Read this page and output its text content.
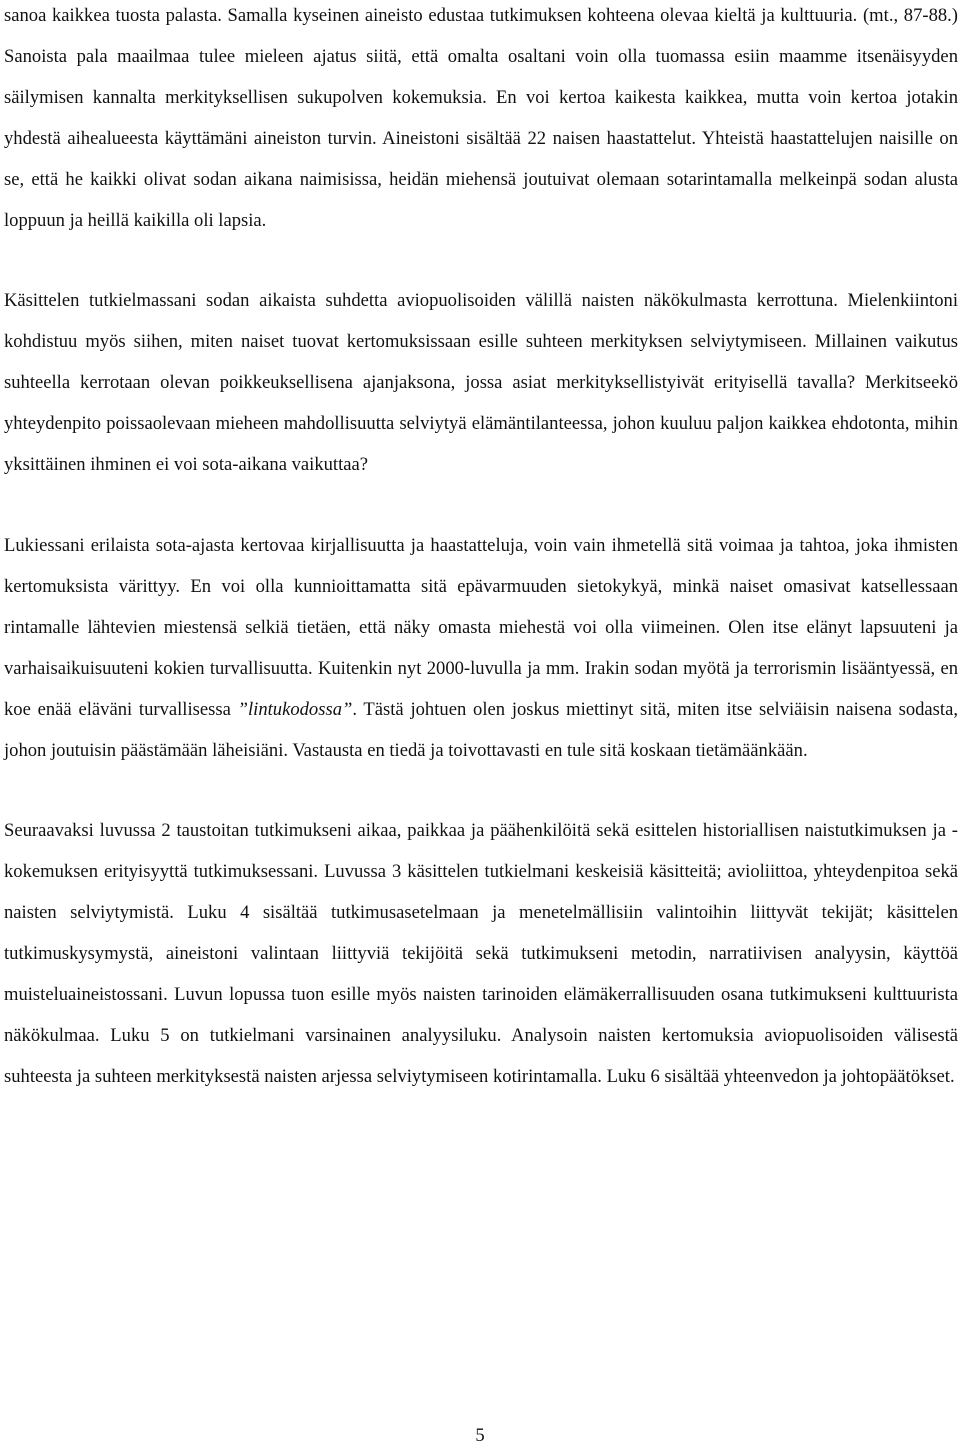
sanoa kaikkea tuosta palasta. Samalla kyseinen aineisto edustaa tutkimuksen kohteena olevaa kieltä ja kulttuuria. (mt., 87-88.) Sanoista pala maailmaa tulee mieleen ajatus siitä, että omalta osaltani voin olla tuomassa esiin maamme itsenäisyyden säilymisen kannalta merkityksellisen sukupolven kokemuksia. En voi kertoa kaikesta kaikkea, mutta voin kertoa jotakin yhdestä aihealueesta käyttämäni aineiston turvin. Aineistoni sisältää 22 naisen haastattelut. Yhteistä haastattelujen naisille on se, että he kaikki olivat sodan aikana naimisissa, heidän miehensä joutuivat olemaan sotarintamalla melkeinpä sodan alusta loppuun ja heillä kaikilla oli lapsia.

Käsittelen tutkielmassani sodan aikaista suhdetta aviopuolisoiden välillä naisten näkökulmasta kerrottuna. Mielenkiintoni kohdistuu myös siihen, miten naiset tuovat kertomuksissaan esille suhteen merkityksen selviytymiseen. Millainen vaikutus suhteella kerrotaan olevan poikkeuksellisena ajanjaksona, jossa asiat merkityksellistyivät erityisellä tavalla? Merkitseekö yhteydenpito poissaolevaan mieheen mahdollisuutta selviytyä elämäntilanteessa, johon kuuluu paljon kaikkea ehdotonta, mihin yksittäinen ihminen ei voi sota-aikana vaikuttaa?

Lukiessani erilaista sota-ajasta kertovaa kirjallisuutta ja haastatteluja, voin vain ihmetellä sitä voimaa ja tahtoa, joka ihmisten kertomuksista värittyy. En voi olla kunnioittamatta sitä epävarmuuden sietokykyä, minkä naiset omasivat katsellessaan rintamalle lähtevien miestensä selkiä tietäen, että näky omasta miehestä voi olla viimeinen. Olen itse elänyt lapsuuteni ja varhaisaikuisuuteni kokien turvallisuutta. Kuitenkin nyt 2000-luvulla ja mm. Irakin sodan myötä ja terrorismin lisääntyessä, en koe enää eläväni turvallisessa ”lintukodossa”. Tästä johtuen olen joskus miettinyt sitä, miten itse selviäisin naisena sodasta, johon joutuisin päästämään läheisiäni. Vastausta en tiedä ja toivottavasti en tule sitä koskaan tietämäänkään.

Seuraavaksi luvussa 2 taustoitan tutkimukseni aikaa, paikkaa ja päähenkilöitä sekä esittelen historiallisen naistutkimuksen ja -kokemuksen erityisyyttä tutkimuksessani. Luvussa 3 käsittelen tutkielmani keskeisiä käsitteitä; avioliittoa, yhteydenpitoa sekä naisten selviytymistä. Luku 4 sisältää tutkimusasetelmaan ja menetelmällisiin valintoihin liittyvät tekijät; käsittelen tutkimuskysymystä, aineistoni valintaan liittyviä tekijöitä sekä tutkimukseni metodin, narratiivisen analyysin, käyttöä muisteluaineistossani. Luvun lopussa tuon esille myös naisten tarinoiden elämäkerrallisuuden osana tutkimukseni kulttuurista näkökulmaa. Luku 5 on tutkielmani varsinainen analyysiluku. Analysoin naisten kertomuksia aviopuolisoiden välisestä suhteesta ja suhteen merkityksestä naisten arjessa selviytymiseen kotirintamalla. Luku 6 sisältää yhteenvedon ja johtopäätökset.

5
